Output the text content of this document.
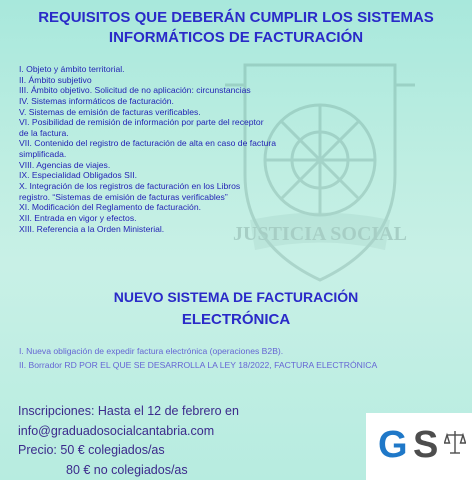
JUSTICIA SOCIAL
REQUISITOS QUE DEBERÁN CUMPLIR LOS SISTEMAS
INFORMÁTICOS DE FACTURACIÓN
I. Objeto y ámbito territorial.
II. Ámbito subjetivo
III. Ámbito objetivo. Solicitud de no aplicación: circunstancias
IV. Sistemas informáticos de facturación.
V. Sistemas de emisión de facturas verificables.
VI. Posibilidad de remisión de información por parte del receptor
de la factura.
VII. Contenido del registro de facturación de alta en caso de factura
simplificada.
VIII. Agencias de viajes.
IX. Especialidad Obligados SII.
X. Integración de los registros de facturación en los Libros
registro. “Sistemas de emisión de facturas verificables”
XI. Modificación del Reglamento de facturación.
XII. Entrada en vigor y efectos.
XIII. Referencia a la Orden Ministerial.
NUEVO SISTEMA DE FACTURACIÓN
ELECTRÓNICA
I. Nueva obligación de expedir factura electrónica (operaciones B2B).
II. Borrador RD POR EL QUE SE DESARROLLA LA LEY 18/2022, FACTURA ELECTRÓNICA
Inscripciones: Hasta el 12 de febrero en
info@graduadosocialcantabria.com
Precio: 50 € colegiados/as
80 € no colegiados/as
G S
